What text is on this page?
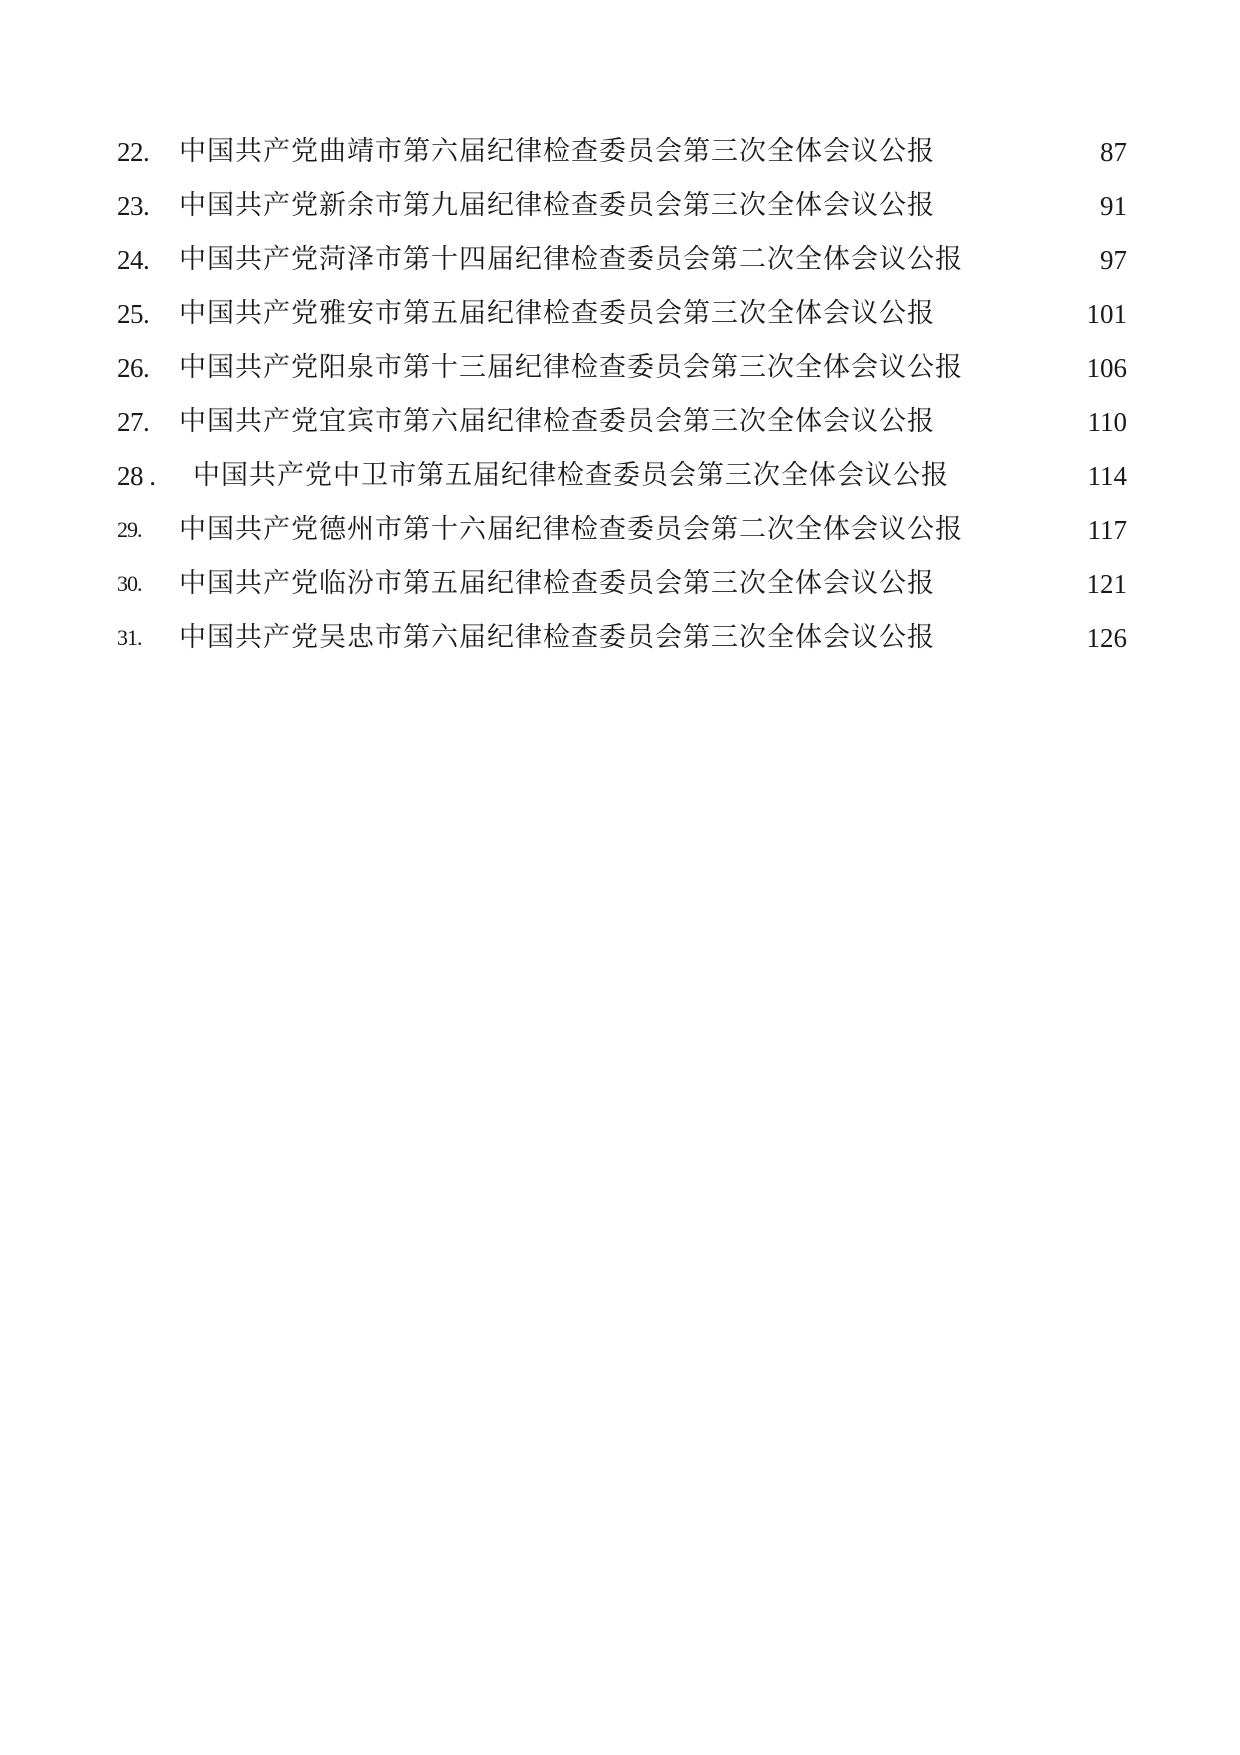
22. 中国共产党曲靖市第六届纪律检查委员会第三次全体会议公报	87
23. 中国共产党新余市第九届纪律检查委员会第三次全体会议公报	91
24. 中国共产党菏泽市第十四届纪律检查委员会第二次全体会议公报	97
25. 中国共产党雅安市第五届纪律检查委员会第三次全体会议公报	101
26. 中国共产党阳泉市第十三届纪律检查委员会第三次全体会议公报	106
27. 中国共产党宜宾市第六届纪律检查委员会第三次全体会议公报	110
28 . 中国共产党中卫市第五届纪律检查委员会第三次全体会议公报	114
29. 中国共产党德州市第十六届纪律检查委员会第二次全体会议公报	117
30. 中国共产党临汾市第五届纪律检查委员会第三次全体会议公报	121
31. 中国共产党吴忠市第六届纪律检查委员会第三次全体会议公报	126
